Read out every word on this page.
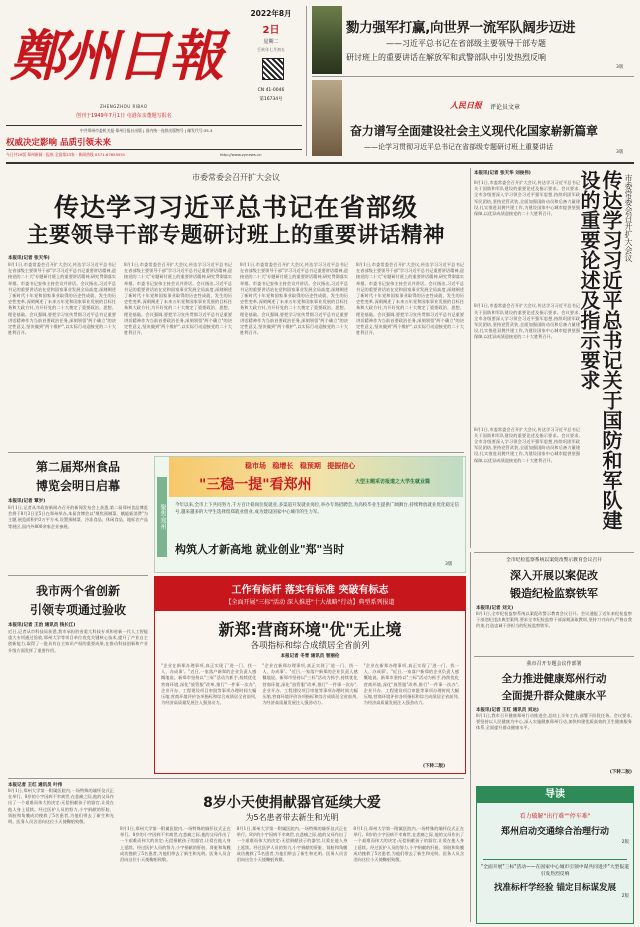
鄭州日報
ZHENGZHOU RIBAO
创刊于1949年7月1日 屯港东亲董题写报名
2022年8月
2日
星期二
壬寅年七月初五
CN 41-0046
第16734号
中共郑州市委机关报·郑州日报社出版 | 国内统一连续出版物号 | 邮发代号:35-3
权威决定影响 品质引领未来
今日共20版 郑州新闻 · 报纸 全国第23家 · 新闻热线 0371-67655551	http://www.zynews.cn
勠力强军打赢,向世界一流军队阔步迈进
——习近平总书记在省部级主要领导干部专题
研讨班上的重要讲话在解放军和武警部队中引发热烈反响
3版
人民日报 评论员文章
奋力谱写全面建设社会主义现代化国家崭新篇章
——论学习贯彻习近平总书记在省部级专题研讨班上重要讲话
3版
市委常委会召开扩大会议
传达学习习近平总书记在省部级
主要领导干部专题研讨班上的重要讲话精神
本报讯(记者 张天华)
8月1日,市委常委会召开扩大会议,传达学习习近平总书记在省部级主要领导干部"学习习近平总书记重要讲话精神,迎接党的二十大"专题研讨班上的重要讲话精神,研究贯彻落实举措。市委书记安伟主持会议并讲话。会议指出,习近平总书记的重要讲话站在党和国家事业发展全局高度,深刻阐述了新时代十年党和国家事业取得的历史性成就、发生的历史性变革,深刻阐述了未来五年党和国家事业发展的目标任务和大政方针,为开好党的二十大奠定了重要政治、思想、理论基础。会议强调,要把学习宣传贯彻习近平总书记重要讲话精神作为当前首要政治任务,深刻领悟"两个确立"的决定性意义,坚决做到"两个维护",以实际行动迎接党的二十大胜利召开。
8月1日,市委常委会召开扩大会议,传达学习习近平总书记在省部级主要领导干部"学习习近平总书记重要讲话精神,迎接党的二十大"专题研讨班上的重要讲话精神,研究贯彻落实举措。市委书记安伟主持会议并讲话。会议指出,习近平总书记的重要讲话站在党和国家事业发展全局高度,深刻阐述了新时代十年党和国家事业取得的历史性成就、发生的历史性变革,深刻阐述了未来五年党和国家事业发展的目标任务和大政方针,为开好党的二十大奠定了重要政治、思想、理论基础。会议强调,要把学习宣传贯彻习近平总书记重要讲话精神作为当前首要政治任务,深刻领悟"两个确立"的决定性意义,坚决做到"两个维护",以实际行动迎接党的二十大胜利召开。
8月1日,市委常委会召开扩大会议,传达学习习近平总书记在省部级主要领导干部"学习习近平总书记重要讲话精神,迎接党的二十大"专题研讨班上的重要讲话精神,研究贯彻落实举措。市委书记安伟主持会议并讲话。会议指出,习近平总书记的重要讲话站在党和国家事业发展全局高度,深刻阐述了新时代十年党和国家事业取得的历史性成就、发生的历史性变革,深刻阐述了未来五年党和国家事业发展的目标任务和大政方针,为开好党的二十大奠定了重要政治、思想、理论基础。会议强调,要把学习宣传贯彻习近平总书记重要讲话精神作为当前首要政治任务,深刻领悟"两个确立"的决定性意义,坚决做到"两个维护",以实际行动迎接党的二十大胜利召开。
8月1日,市委常委会召开扩大会议,传达学习习近平总书记在省部级主要领导干部"学习习近平总书记重要讲话精神,迎接党的二十大"专题研讨班上的重要讲话精神,研究贯彻落实举措。市委书记安伟主持会议并讲话。会议指出,习近平总书记的重要讲话站在党和国家事业发展全局高度,深刻阐述了新时代十年党和国家事业取得的历史性成就、发生的历史性变革,深刻阐述了未来五年党和国家事业发展的目标任务和大政方针,为开好党的二十大奠定了重要政治、思想、理论基础。会议强调,要把学习宣传贯彻习近平总书记重要讲话精神作为当前首要政治任务,深刻领悟"两个确立"的决定性意义,坚决做到"两个维护",以实际行动迎接党的二十大胜利召开。
本报讯(记者 张天华 刘俊伟)
8月1日,市委常委会召开扩大会议,传达学习习近平总书记关于国防和军队建设的重要论述及指示要求。会议要求,全市各级要深入学习领会习近平强军思想,持续巩固军政军民团结,坚持党管武装,全面加强国防动员和后备力量建设,扎实推进双拥共建工作,为建设国家中心城市提供坚强保障,以优异成绩迎接党的二十大胜利召开。
8月1日,市委常委会召开扩大会议,传达学习习近平总书记关于国防和军队建设的重要论述及指示要求。会议要求,全市各级要深入学习领会习近平强军思想,持续巩固军政军民团结,坚持党管武装,全面加强国防动员和后备力量建设,扎实推进双拥共建工作,为建设国家中心城市提供坚强保障,以优异成绩迎接党的二十大胜利召开。
8月1日,市委常委会召开扩大会议,传达学习习近平总书记关于国防和军队建设的重要论述及指示要求。会议要求,全市各级要深入学习领会习近平强军思想,持续巩固军政军民团结,坚持党管武装,全面加强国防动员和后备力量建设,扎实推进双拥共建工作,为建设国家中心城市提供坚强保障,以优异成绩迎接党的二十大胜利召开。	传达学习习近平总书记关于国防和军队建设的重要论述及指示要求	市委常委会召开扩大会议
第二届郑州食品
博览会明日启幕
本报讯(记者 覃岁)
8月1日,记者从市政府新闻办召开的新闻发布会上获悉,第二届郑州食品博览会将于8月3日至5日在郑州举办,本届食博会以"聚焦预制菜、赋能新消费"为主题,展览面积约3万平方米,设置预制菜、冷冻食品、休闲食品、地标农产品等展区,国内外800余家企业参展。	聚焦·郑州
稳市场 稳增长 稳预期 提振信心
"三稳一提"看郑州	大型主题采访报道之大学生就业篇
今年以来,全市上下共同努力,千方百计稳岗位促就业,多渠道开发就业岗位,举办专场招聘会,为高校毕业生提供广阔舞台,持续释放就业优化稳定信号,越来越多的大学生选择留郑就业创业,成为建设国家中心城市的生力军。
构筑人才新高地 就业创业"郑"当时
3版
我市两个省创新
引领专项通过验收
本报讯(记者 王治 通讯员 钱长江)
近日,记者从市科技局获悉,我市承担的省重大科技专项和省新一代人工智能重大专项通过验收,郑州大学等项目单位攻克关键核心技术,提升了产业自主创新能力,取得了一批具有自主知识产权的重要成果,在推动科技创新和产业升级方面发挥了重要作用。
工作有标杆 落实有标准 突破有标志
【全面开展"三标"活动 深入推进"十大战略"行动】典型系列报道
新郑:营商环境"优"无止境
各项指标和综合成绩居全省前列
本报记者 冬青 通讯员 智丽伦
"企业在新郑办理事项,真正实现了'进一门、找一人、办成事'。"近日,一家落户新郑的企业负责人感慨地说。新郑市坚持以"三标"活动为抓手,持续优化营商环境,深化"放管服"改革,推行"一件事一次办",企业开办、工程建设项目审批等事项办理时间大幅压缩,营商环境评价各项指标和综合成绩居全省前列,为经济高质量发展注入强劲动力。
"企业在新郑办理事项,真正实现了'进一门、找一人、办成事'。"近日,一家落户新郑的企业负责人感慨地说。新郑市坚持以"三标"活动为抓手,持续优化营商环境,深化"放管服"改革,推行"一件事一次办",企业开办、工程建设项目审批等事项办理时间大幅压缩,营商环境评价各项指标和综合成绩居全省前列,为经济高质量发展注入强劲动力。
"企业在新郑办理事项,真正实现了'进一门、找一人、办成事'。"近日,一家落户新郑的企业负责人感慨地说。新郑市坚持以"三标"活动为抓手,持续优化营商环境,深化"放管服"改革,推行"一件事一次办",企业开办、工程建设项目审批等事项办理时间大幅压缩,营商环境评价各项指标和综合成绩居全省前列,为经济高质量发展注入强劲动力。
(下转二版)
本报记者 王红 通讯员 叶伟
8月1日,郑州大学第一附属医院内,一场特殊的缅怀仪式正在举行。8岁的小宇因病不幸离世,在悲痛之际,他的父母作出了一个艰难而伟大的决定:无偿捐献孩子的器官,让爱在他人身上延续。经过医护人员的努力,小宇捐献的肝脏、肾脏和角膜成功挽救了5名患者,为他们带去了新生和光明。医务人员含泪向这位小天使鞠躬致敬。
8岁小天使捐献器官延续大爱
为5名患者带去新生和光明
8月1日,郑州大学第一附属医院内,一场特殊的缅怀仪式正在举行。8岁的小宇因病不幸离世,在悲痛之际,他的父母作出了一个艰难而伟大的决定:无偿捐献孩子的器官,让爱在他人身上延续。经过医护人员的努力,小宇捐献的肝脏、肾脏和角膜成功挽救了5名患者,为他们带去了新生和光明。医务人员含泪向这位小天使鞠躬致敬。
8月1日,郑州大学第一附属医院内,一场特殊的缅怀仪式正在举行。8岁的小宇因病不幸离世,在悲痛之际,他的父母作出了一个艰难而伟大的决定:无偿捐献孩子的器官,让爱在他人身上延续。经过医护人员的努力,小宇捐献的肝脏、肾脏和角膜成功挽救了5名患者,为他们带去了新生和光明。医务人员含泪向这位小天使鞠躬致敬。
8月1日,郑州大学第一附属医院内,一场特殊的缅怀仪式正在举行。8岁的小宇因病不幸离世,在悲痛之际,他的父母作出了一个艰难而伟大的决定:无偿捐献孩子的器官,让爱在他人身上延续。经过医护人员的努力,小宇捐献的肝脏、肾脏和角膜成功挽救了5名患者,为他们带去了新生和光明。医务人员含泪向这位小天使鞠躬致敬。
全市纪检监察系统以案促改警示教育会议召开
深入开展以案促改
锻造纪检监察铁军
本报讯(记者 刘文)
8月1日,全市纪检监察系统以案促改警示教育会议召开。会议通报了近年来纪检监察干部违纪违法典型案例,要求全市纪检监察干部深刻汲取教训,坚持刀刃向内,严格自我约束,打造忠诚干净担当的纪检监察铁军。
我市召开专题会议作部署
全力推进健康郑州行动
全面提升群众健康水平
本报讯(记者 王红 通讯员 刘达)
8月1日,我市召开健康郑州行动推进会,总结上半年工作,部署下阶段任务。会议要求,要坚持以人民健康为中心,深入实施健康郑州行动,加快构建优质高效的卫生健康服务体系,全面提升群众健康水平。
(下转二版)
导读
看力破解"出行难""停车难"
郑州启动交通综合治理行动
2版
"全面开展"三标"活动——在国家中心城市引领中谋共同进步"大型报道引发热烈反响
找准标杆学经验 锚定目标谋发展
2版
